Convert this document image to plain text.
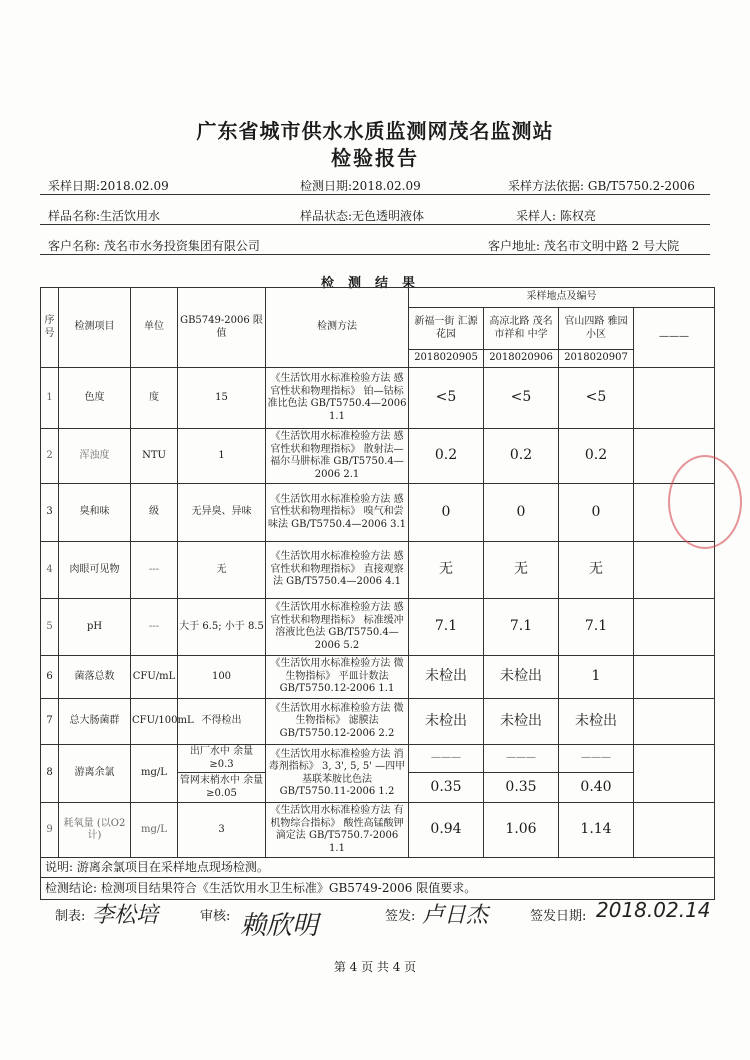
广东省城市供水水质监测网茂名监测站
检验报告
采样日期:2018.02.09	检测日期:2018.02.09	采样方法依据: GB/T5750.2-2006
样品名称:生活饮用水	样品状态:无色透明液体	采样人: 陈权亮
客户名称: 茂名市水务投资集团有限公司	客户地址: 茂名市文明中路 2 号大院
检测结果
序号	检测项目	单位	GB5749-2006 限值	检测方法	采样地点及编号			
					新福一街 汇源花园	高凉北路 茂名市祥和 中学	官山四路 雅园小区	———
					2018020905	2018020906	2018020907	
1	色度	度	15	《生活饮用水标准检验方法 感官性状和物理指标》 铂—钴标准比色法 GB/T5750.4—2006 1.1	<5	<5	<5	
2	浑浊度	NTU	1	《生活饮用水标准检验方法 感官性状和物理指标》 散射法—福尔马肼标准 GB/T5750.4—2006 2.1	0.2	0.2	0.2	
3	臭和味	级	无异臭、异味	《生活饮用水标准检验方法 感官性状和物理指标》 嗅气和尝味法 GB/T5750.4—2006 3.1	0	0	0	
4	肉眼可见物	---	无	《生活饮用水标准检验方法 感官性状和物理指标》 直接观察法 GB/T5750.4—2006 4.1	无	无	无	
5	pH	---	大于 6.5; 小于 8.5	《生活饮用水标准检验方法 感官性状和物理指标》 标准缓冲溶液比色法 GB/T5750.4—2006 5.2	7.1	7.1	7.1	
6	菌落总数	CFU/mL	100	《生活饮用水标准检验方法 微生物指标》 平皿计数法 GB/T5750.12-2006 1.1	未检出	未检出	1	
7	总大肠菌群	CFU/100mL	不得检出	《生活饮用水标准检验方法 微生物指标》 滤膜法 GB/T5750.12-2006 2.2	未检出	未检出	未检出	
8	游离余氯	mg/L	出厂水中 余量≥0.3	《生活饮用水标准检验方法 消毒剂指标》 3, 3', 5, 5' —四甲基联苯胺比色法 GB/T5750.11-2006 1.2	———	———	———	
			管网末梢水中 余量≥0.05		0.35	0.35	0.40	
9	耗氧量 (以O2计)	mg/L	3	《生活饮用水标准检验方法 有机物综合指标》 酸性高锰酸钾滴定法 GB/T5750.7-2006 1.1	0.94	1.06	1.14	
说明: 游离余氯项目在采样地点现场检测。								
检测结论: 检测项目结果符合《生活饮用水卫生标准》GB5749-2006 限值要求。								
制表: 李松培	审核: 赖欣明	签发: 卢日杰	签发日期: 2018.02.14
第 4 页 共 4 页
